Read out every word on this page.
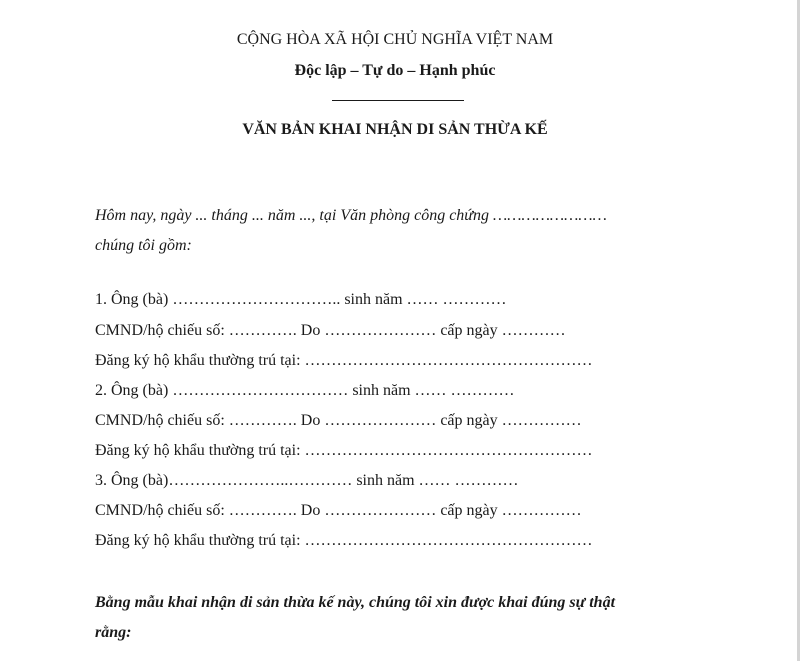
CỘNG HÒA XÃ HỘI CHỦ NGHĨA VIỆT NAM
Độc lập – Tự do – Hạnh phúc
VĂN BẢN KHAI NHẬN DI SẢN THỪA KẾ
Hôm nay, ngày ... tháng ... năm ..., tại Văn phòng công chứng ……………………
chúng tôi gồm:
1. Ông (bà) ………………………….. sinh năm …… …………
CMND/hộ chiếu số: …………. Do ………………… cấp ngày …………
Đăng ký hộ khẩu thường trú tại: ………………………………………………
2. Ông (bà) …………………………… sinh năm …… …………
CMND/hộ chiếu số: …………. Do ………………… cấp ngày ……………
Đăng ký hộ khẩu thường trú tại: ………………………………………………
3. Ông (bà)…………………..………… sinh năm …… …………
CMND/hộ chiếu số: …………. Do ………………… cấp ngày ……………
Đăng ký hộ khẩu thường trú tại: ………………………………………………
Bằng mẫu khai nhận di sản thừa kế này, chúng tôi xin được khai đúng sự thật
rằng:
